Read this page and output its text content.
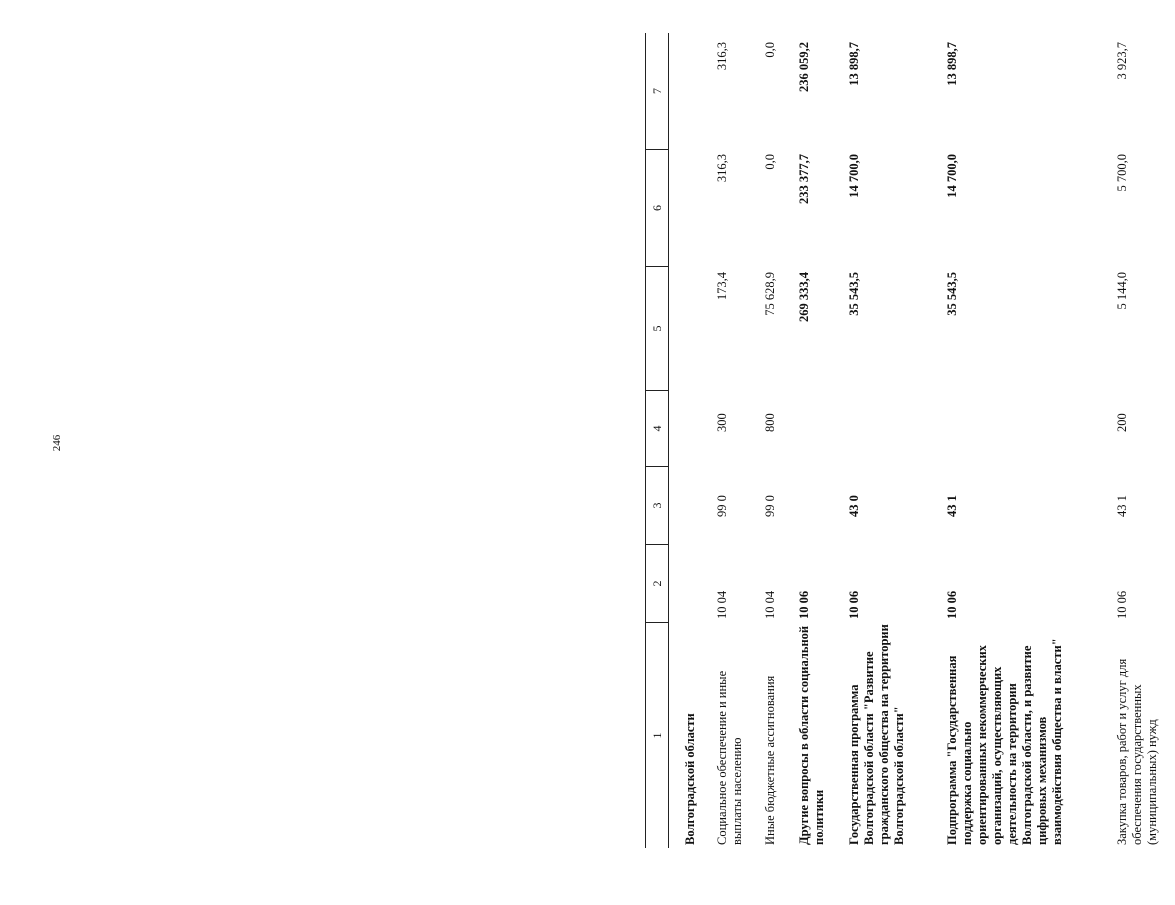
246
1
2
3
4
5
6
7
Волгоградской области Социальное обеспечение и иные выплаты населению
10 04
99 0
300
173,4
316,3
316,3
Иные бюджетные ассигнования
10 04
99 0
800
75 628,9
0,0
0,0
Другие вопросы в области социальной политики
10 06
269 333,4
233 377,7
236 059,2
Государственная программа Волгоградской области "Развитие гражданского общества на территории Волгоградской области"
10 06
43 0
35 543,5
14 700,0
13 898,7
Подпрограмма "Государственная поддержка социально ориентированных некоммерческих организаций, осуществляющих деятельность на территории Волгоградской области, и развитие цифровых механизмов взаимодействия общества и власти"
10 06
43 1
35 543,5
14 700,0
13 898,7
Закупка товаров, работ и услуг для обеспечения государственных (муниципальных) нужд
10 06
43 1
200
5 144,0
5 700,0
3 923,7
